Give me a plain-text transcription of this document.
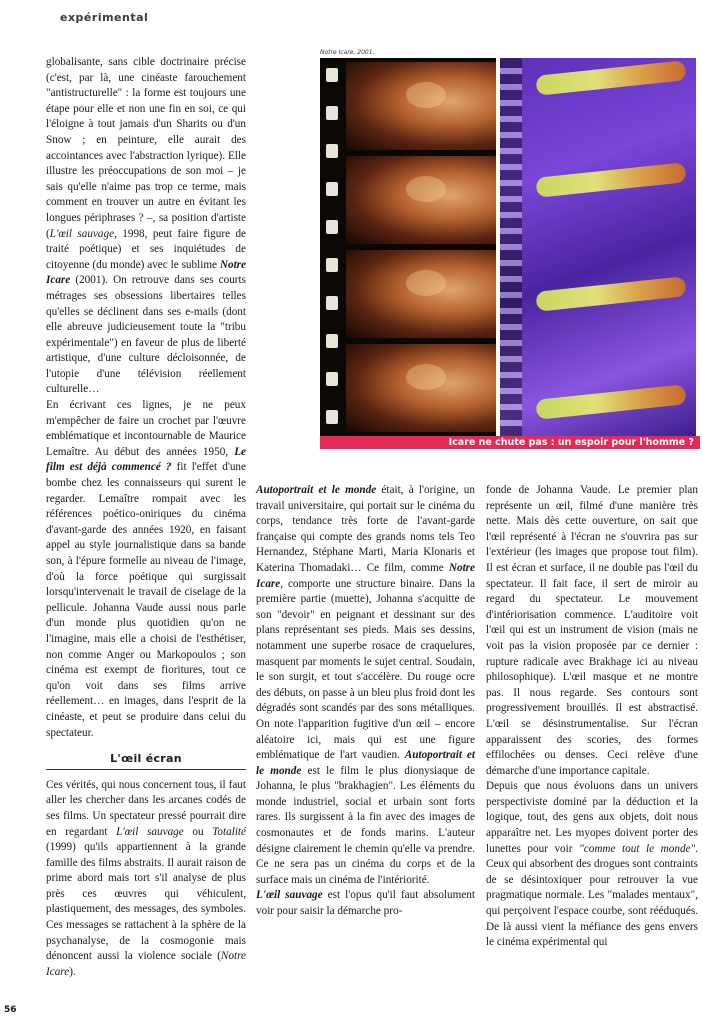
expérimental

globalisante, sans cible doctrinaire précise (c'est, par là, une cinéaste farouchement "antistructurelle" : la forme est toujours une étape pour elle et non une fin en soi, ce qui l'éloigne à tout jamais d'un Sharits ou d'un Snow ; en peinture, elle aurait des accointances avec l'abstraction lyrique). Elle illustre les préoccupations de son moi – je sais qu'elle n'aime pas trop ce terme, mais comment en trouver un autre en évitant les longues périphrases ? –, sa position d'artiste (L'œil sauvage, 1998, peut faire figure de traité poétique) et ses inquiétudes de citoyenne (du monde) avec le sublime Notre Icare (2001). On retrouve dans ses courts métrages ses obsessions libertaires telles qu'elles se déclinent dans ses e-mails (dont elle abreuve judicieusement toute la "tribu expérimentale") en faveur de plus de liberté artistique, d'une culture décloisonnée, de l'utopie d'une télévision réellement culturelle…

En écrivant ces lignes, je ne peux m'empêcher de faire un crochet par l'œuvre emblématique et incontournable de Maurice Lemaître. Au début des années 1950, Le film est déjà commencé ? fit l'effet d'une bombe chez les connaisseurs qui surent le regarder. Lemaître rompait avec les références poético-oniriques du cinéma d'avant-garde des années 1920, en faisant appel au style journalistique dans sa bande son, à l'épure formelle au niveau de l'image, d'où la force poétique qui surgissait lorsqu'intervenait le travail de ciselage de la pellicule. Johanna Vaude aussi nous parle d'un monde plus quotidien qu'on ne l'imagine, mais elle a choisi de l'esthétiser, non comme Anger ou Markopoulos ; son cinéma est exempt de fioritures, tout ce qu'on voit dans ses films arrive réellement… en images, dans l'esprit de la cinéaste, et peut se produire dans celui du spectateur.

L'œil écran

Ces vérités, qui nous concernent tous, il faut aller les chercher dans les arcanes codés de ses films. Un spectateur pressé pourrait dire en regardant L'œil sauvage ou Totalité (1999) qu'ils appartiennent à la grande famille des films abstraits. Il aurait raison de prime abord mais tort s'il analyse de plus près ces œuvres qui véhiculent, plastiquement, des messages, des symboles. Ces messages se rattachent à la sphère de la psychanalyse, de la cosmogonie mais dénoncent aussi la violence sociale (Notre Icare).

Notre Icare, 2001.
Icare ne chute pas : un espoir pour l'homme ?

Autoportrait et le monde était, à l'origine, un travail universitaire, qui portait sur le cinéma du corps, tendance très forte de l'avant-garde française qui compte des grands noms tels Teo Hernandez, Stéphane Marti, Maria Klonaris et Katerina Thomadaki… Ce film, comme Notre Icare, comporte une structure binaire. Dans la première partie (muette), Johanna s'acquitte de son "devoir" en peignant et dessinant sur des plans représentant ses pieds. Mais ses dessins, notamment une superbe rosace de craquelures, masquent par moments le sujet central. Soudain, le son surgit, et tout s'accélère. Du rouge ocre des débuts, on passe à un bleu plus froid dont les dégradés sont scandés par des sons métalliques. On note l'apparition fugitive d'un œil – encore aléatoire ici, mais qui est une figure emblématique de l'art vaudien. Autoportrait et le monde est le film le plus dionysiaque de Johanna, le plus "brakhagien". Les éléments du monde industriel, social et urbain sont forts rares. Ils surgissent à la fin avec des images de cosmonautes et de fonds marins. L'auteur désigne clairement le chemin qu'elle va prendre. Ce ne sera pas un cinéma du corps et de la surface mais un cinéma de l'intériorité.

L'œil sauvage est l'opus qu'il faut absolument voir pour saisir la démarche pro-

fonde de Johanna Vaude. Le premier plan représente un œil, filmé d'une manière très nette. Mais dès cette ouverture, on sait que l'œil représenté à l'écran ne s'ouvrira pas sur l'extérieur (les images que propose tout film). Il est écran et surface, il ne double pas l'œil du spectateur. Il fait face, il sert de miroir au regard du spectateur. Le mouvement d'intériorisation commence. L'auditoire voit l'œil qui est un instrument de vision (mais ne voit pas la vision proposée par ce dernier : rupture radicale avec Brakhage ici au niveau philosophique). L'œil masque et ne montre pas. Il nous regarde. Ses contours sont progressivement brouillés. Il est abstractisé. L'œil se désinstrumentalise. Sur l'écran apparaissent des scories, des formes effilochées ou denses. Ceci relève d'une démarche d'une importance capitale.

Depuis que nous évoluons dans un univers perspectiviste dominé par la déduction et la logique, tout, des gens aux objets, doit nous apparaître net. Les myopes doivent porter des lunettes pour voir "comme tout le monde". Ceux qui absorbent des drogues sont contraints de se désintoxiquer pour retrouver la vue pragmatique normale. Les "malades mentaux", qui perçoivent l'espace courbe, sont rééduqués. De là aussi vient la méfiance des gens envers le cinéma expérimental qui

56
